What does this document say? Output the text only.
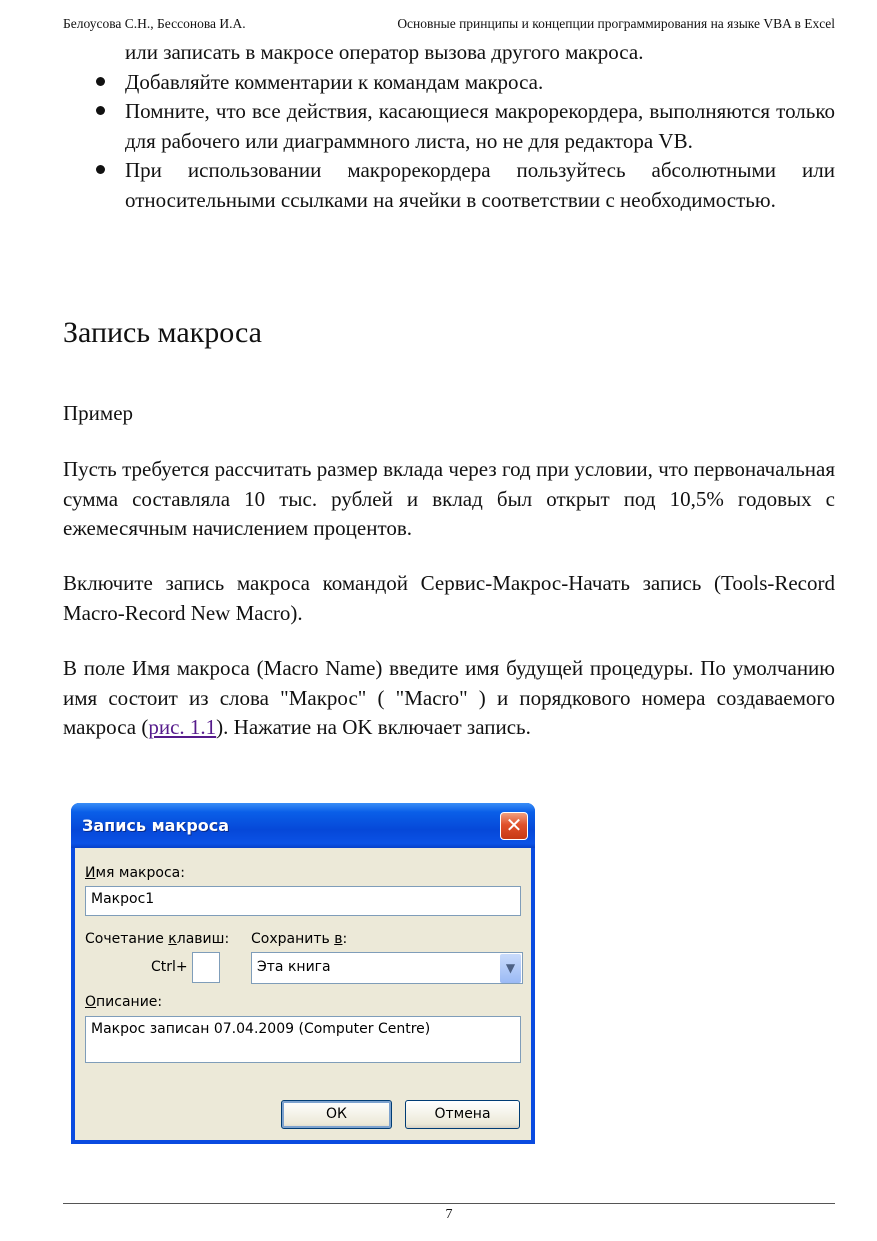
Белоусова С.Н., Бессонова И.А.	Основные принципы и концепции программирования на языке VBA в Excel
или записать в макросе оператор вызова другого макроса.
Добавляйте комментарии к командам макроса.
Помните, что все действия, касающиеся макрорекордера, выполняются только для рабочего или диаграммного листа, но не для редактора VB.
При использовании макрорекордера пользуйтесь абсолютными или относительными ссылками на ячейки в соответствии с необходимостью.
Запись макроса
Пример

Пусть требуется рассчитать размер вклада через год при условии, что первоначальная сумма составляла 10 тыс. рублей и вклад был открыт под 10,5% годовых с ежемесячным начислением процентов.

Включите запись макроса командой Сервис-Макрос-Начать запись (Tools-Record Macro-Record New Macro).

В поле Имя макроса (Macro Name) введите имя будущей процедуры. По умолчанию имя состоит из слова "Макрос" ( "Macro" ) и порядкового номера создаваемого макроса (рис. 1.1). Нажатие на OK включает запись.

Запись макроса	✕
Имя макроса:
Макрос1
Сочетание клавиш: Сохранить в:
Ctrl+	Эта книга	▼
Описание:
Макрос записан 07.04.2009 (Computer Centre)
ОК	Отмена
7
